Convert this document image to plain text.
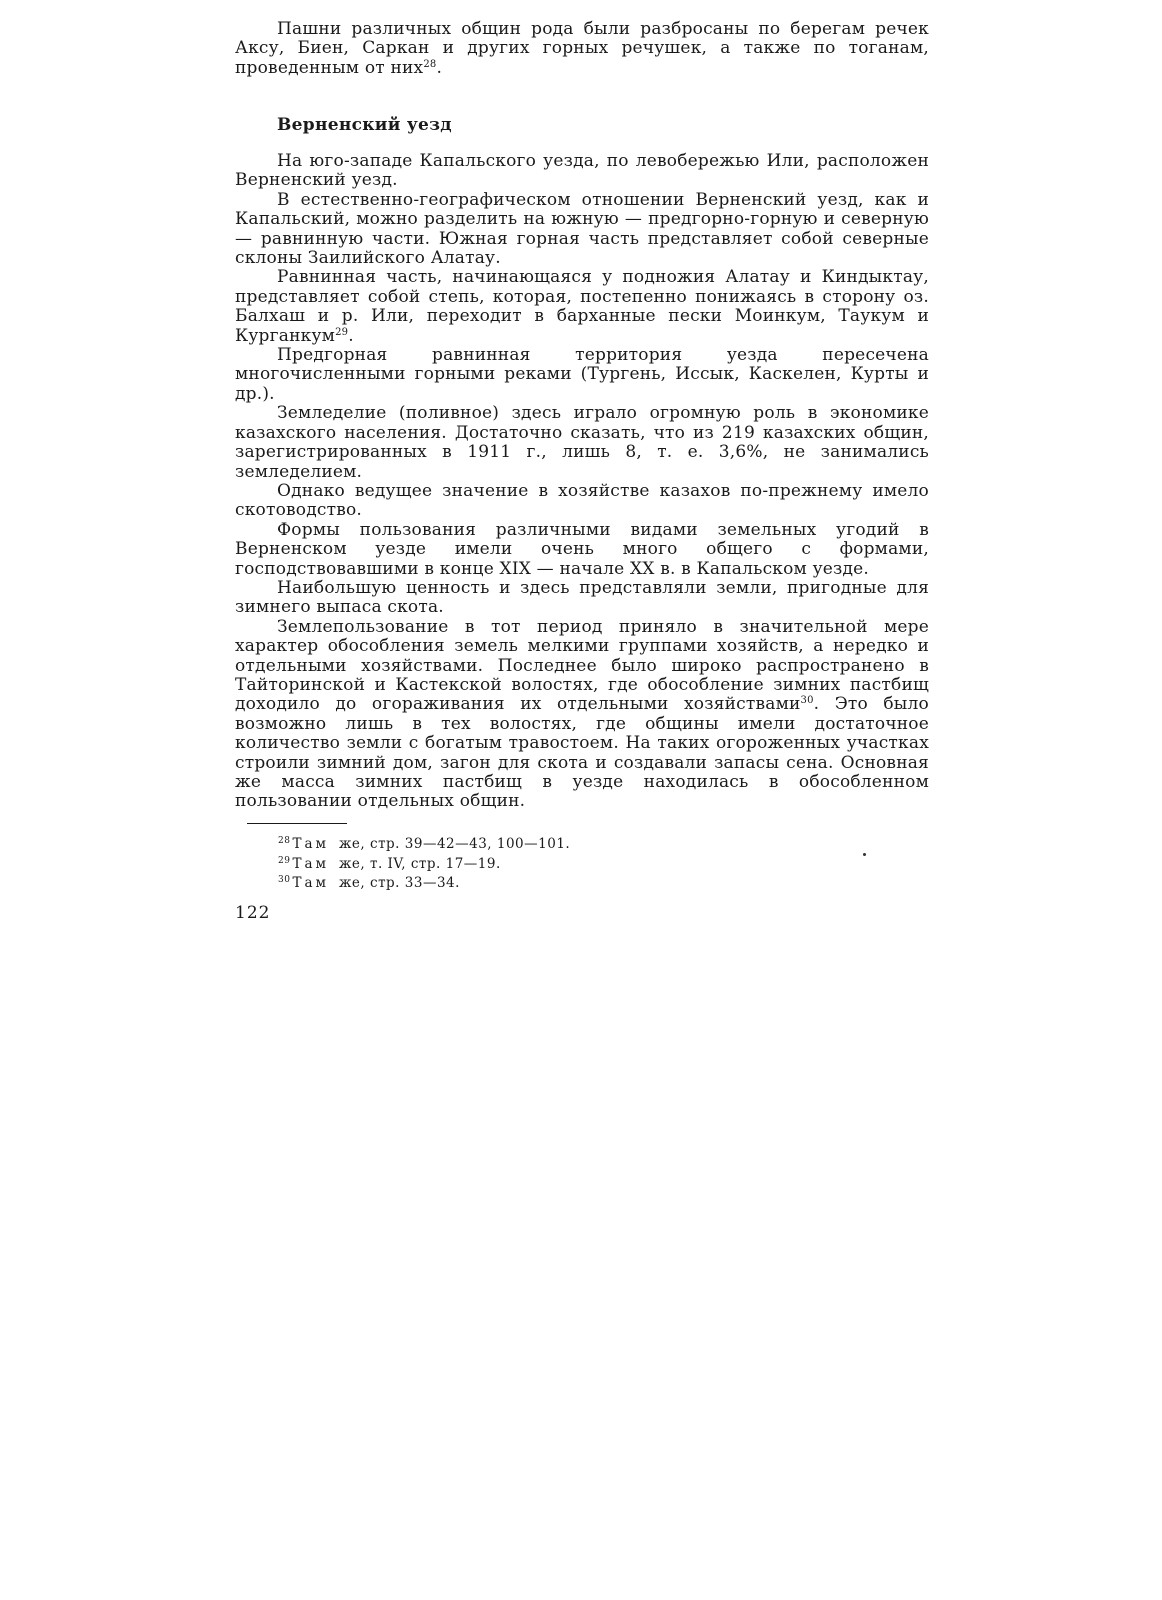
Пашни различных общин рода были разбросаны по берегам речек Аксу, Биен, Саркан и других горных речушек, а также по тоганам, проведенным от них$^{28}$.

Верненский уезд

На юго-западе Капальского уезда, по левобережью Или, расположен Верненский уезд.

В естественно-географическом отношении Верненский уезд, как и Капальский, можно разделить на южную — предгорно-горную и северную — равнинную части. Южная горная часть представляет собой северные склоны Заилийского Алатау.

Равнинная часть, начинающаяся у подножия Алатау и Киндыктау, представляет собой степь, которая, постепенно понижаясь в сторону оз. Балхаш и р. Или, переходит в барханные пески Моинкум, Таукум и Курганкум$^{29}$.

Предгорная равнинная территория уезда пересечена многочисленными горными реками (Тургень, Иссык, Каскелен, Курты и др.).

Земледелие (поливное) здесь играло огромную роль в экономике казахского населения. Достаточно сказать, что из 219 казахских общин, зарегистрированных в 1911 г., лишь 8, т. е. 3,6%, не занимались земледелием.

Однако ведущее значение в хозяйстве казахов по-прежнему имело скотоводство.

Формы пользования различными видами земельных угодий в Верненском уезде имели очень много общего с формами, господствовавшими в конце XIX — начале XX в. в Капальском уезде.

Наибольшую ценность и здесь представляли земли, пригодные для зимнего выпаса скота.

Землепользование в тот период приняло в значительной мере характер обособления земель мелкими группами хозяйств, а нередко и отдельными хозяйствами. Последнее было широко распространено в Тайторинской и Кастекской волостях, где обособление зимних пастбищ доходило до огораживания их отдельными хозяйствами$^{30}$. Это было возможно лишь в тех волостях, где общины имели достаточное количество земли с богатым травостоем. На таких огороженных участках строили зимний дом, загон для скота и создавали запасы сена. Основная же масса зимних пастбищ в уезде находилась в обособленном пользовании отдельных общин.

$^{28}$ Там же, стр. 39—42—43, 100—101.
$^{29}$ Там же, т. IV, стр. 17—19.
$^{30}$ Там же, стр. 33—34.
122
